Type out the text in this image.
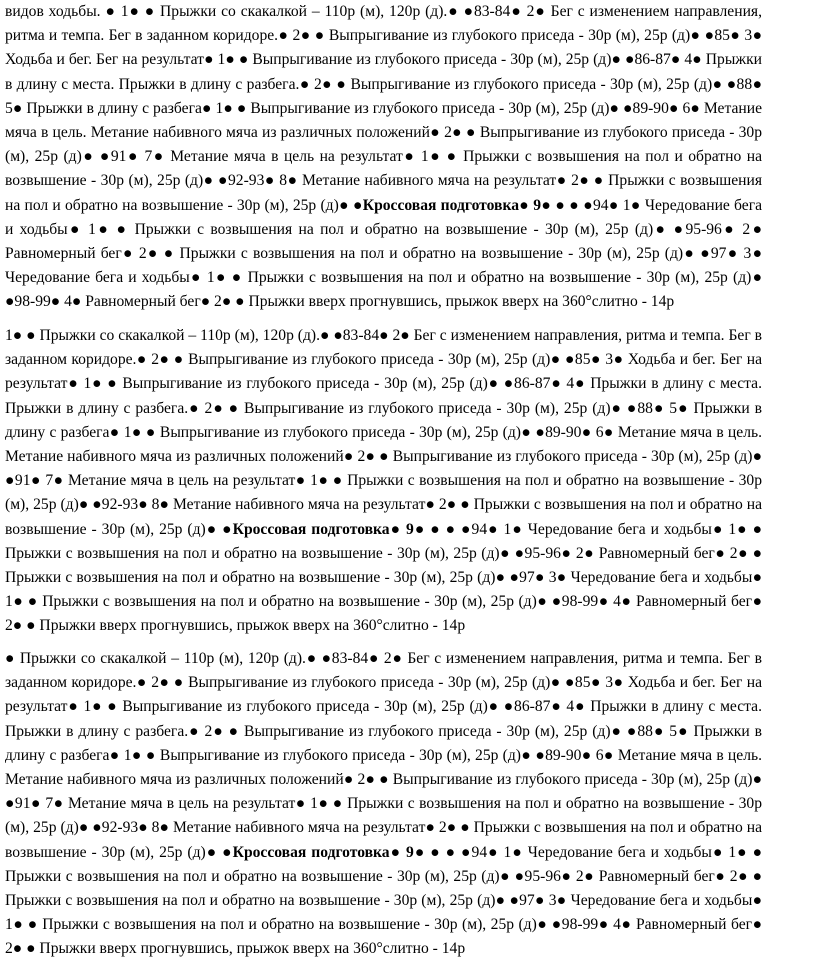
видов ходьбы. ● 1● ● Прыжки со скакалкой – 110р (м), 120р (д).● ●83-84● 2● Бег с изменением направления, ритма и темпа. Бег в заданном коридоре.● 2● ● Выпрыгивание из глубокого приседа - 30р (м), 25р (д)● ●85● 3● Ходьба и бег. Бег на результат● 1● ● Выпрыгивание из глубокого приседа - 30р (м), 25р (д)● ●86-87● 4● Прыжки в длину с места. Прыжки в длину с разбега.● 2● ● Выпрыгивание из глубокого приседа - 30р (м), 25р (д)● ●88● 5● Прыжки в длину с разбега● 1● ● Выпрыгивание из глубокого приседа - 30р (м), 25р (д)● ●89-90● 6● Метание мяча в цель. Метание набивного мяча из различных положений● 2● ● Выпрыгивание из глубокого приседа - 30р (м), 25р (д)● ●91● 7● Метание мяча в цель на результат● 1● ● Прыжки с возвышения на пол и обратно на возвышение - 30р (м), 25р (д)● ●92-93● 8● Метание набивного мяча на результат● 2● ● Прыжки с возвышения на пол и обратно на возвышение - 30р (м), 25р (д)● ●Кроссовая подготовка● 9● ● ● ●94● 1● Чередование бега и ходьбы● 1● ● Прыжки с возвышения на пол и обратно на возвышение - 30р (м), 25р (д)● ●95-96● 2● Равномерный бег● 2● ● Прыжки с возвышения на пол и обратно на возвышение - 30р (м), 25р (д)● ●97● 3● Чередование бега и ходьбы● 1● ● Прыжки с возвышения на пол и обратно на возвышение - 30р (м), 25р (д)● ●98-99● 4● Равномерный бег● 2● ● Прыжки вверх прогнувшись, прыжок вверх на 360°слитно - 14р

1● ● Прыжки со скакалкой – 110р (м), 120р (д).● ●83-84● 2● Бег с изменением направления, ритма и темпа. Бег в заданном коридоре.● 2● ● Выпрыгивание из глубокого приседа - 30р (м), 25р (д)● ●85● 3● Ходьба и бег. Бег на результат● 1● ● Выпрыгивание из глубокого приседа - 30р (м), 25р (д)● ●86-87● 4● Прыжки в длину с места. Прыжки в длину с разбега.● 2● ● Выпрыгивание из глубокого приседа - 30р (м), 25р (д)● ●88● 5● Прыжки в длину с разбега● 1● ● Выпрыгивание из глубокого приседа - 30р (м), 25р (д)● ●89-90● 6● Метание мяча в цель. Метание набивного мяча из различных положений● 2● ● Выпрыгивание из глубокого приседа - 30р (м), 25р (д)● ●91● 7● Метание мяча в цель на результат● 1● ● Прыжки с возвышения на пол и обратно на возвышение - 30р (м), 25р (д)● ●92-93● 8● Метание набивного мяча на результат● 2● ● Прыжки с возвышения на пол и обратно на возвышение - 30р (м), 25р (д)● ●Кроссовая подготовка● 9● ● ● ●94● 1● Чередование бега и ходьбы● 1● ● Прыжки с возвышения на пол и обратно на возвышение - 30р (м), 25р (д)● ●95-96● 2● Равномерный бег● 2● ● Прыжки с возвышения на пол и обратно на возвышение - 30р (м), 25р (д)● ●97● 3● Чередование бега и ходьбы● 1● ● Прыжки с возвышения на пол и обратно на возвышение - 30р (м), 25р (д)● ●98-99● 4● Равномерный бег● 2● ● Прыжки вверх прогнувшись, прыжок вверх на 360°слитно - 14р

● Прыжки со скакалкой – 110р (м), 120р (д).● ●83-84● 2● Бег с изменением направления, ритма и темпа. Бег в заданном коридоре.● 2● ● Выпрыгивание из глубокого приседа - 30р (м), 25р (д)● ●85● 3● Ходьба и бег. Бег на результат● 1● ● Выпрыгивание из глубокого приседа - 30р (м), 25р (д)● ●86-87● 4● Прыжки в длину с места. Прыжки в длину с разбега.● 2● ● Выпрыгивание из глубокого приседа - 30р (м), 25р (д)● ●88● 5● Прыжки в длину с разбега● 1● ● Выпрыгивание из глубокого приседа - 30р (м), 25р (д)● ●89-90● 6● Метание мяча в цель. Метание набивного мяча из различных положений● 2● ● Выпрыгивание из глубокого приседа - 30р (м), 25р (д)● ●91● 7● Метание мяча в цель на результат● 1● ● Прыжки с возвышения на пол и обратно на возвышение - 30р (м), 25р (д)● ●92-93● 8● Метание набивного мяча на результат● 2● ● Прыжки с возвышения на пол и обратно на возвышение - 30р (м), 25р (д)● ●Кроссовая подготовка● 9● ● ● ●94● 1● Чередование бега и ходьбы● 1● ● Прыжки с возвышения на пол и обратно на возвышение - 30р (м), 25р (д)● ●95-96● 2● Равномерный бег● 2● ● Прыжки с возвышения на пол и обратно на возвышение - 30р (м), 25р (д)● ●97● 3● Чередование бега и ходьбы● 1● ● Прыжки с возвышения на пол и обратно на возвышение - 30р (м), 25р (д)● ●98-99● 4● Равномерный бег● 2● ● Прыжки вверх прогнувшись, прыжок вверх на 360°слитно - 14р
